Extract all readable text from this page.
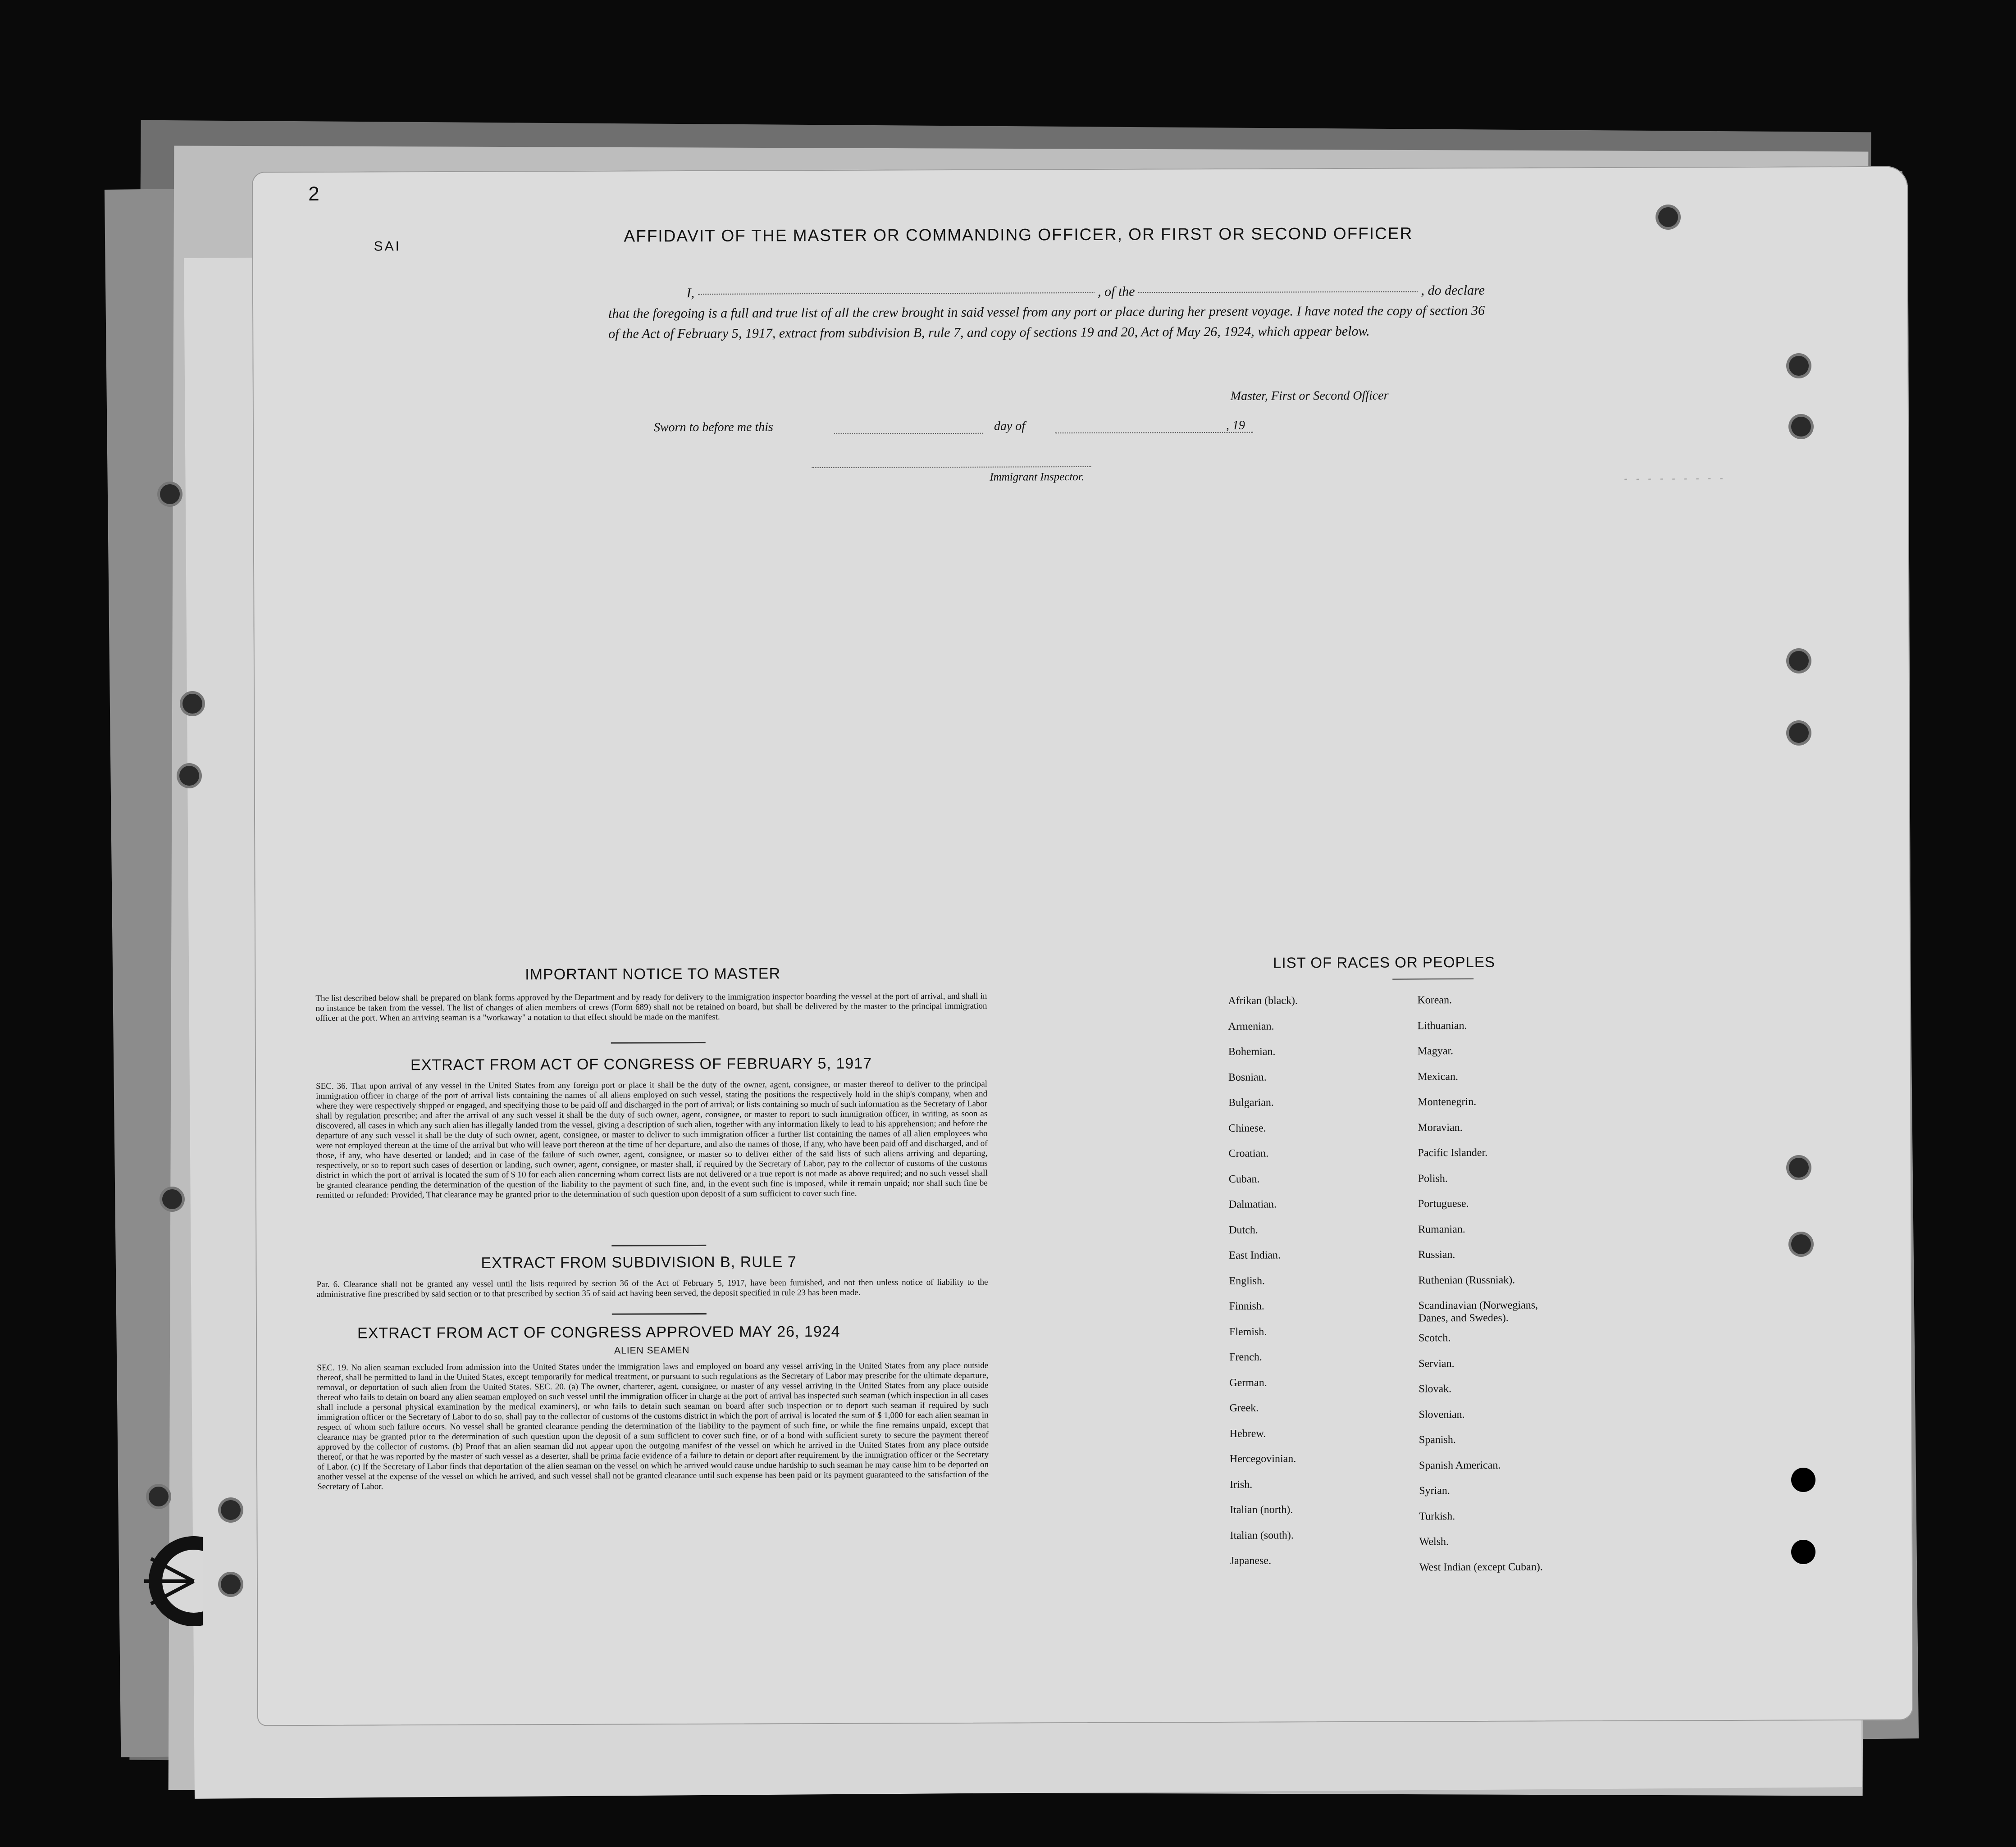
- - - - - - - - -
2
SAI
AFFIDAVIT OF THE MASTER OR COMMANDING OFFICER, OR FIRST OR SECOND OFFICER
I,	, of the	, do declare
that the foregoing is a full and true list of all the crew brought in said vessel from any port or place during her present voyage. I have noted the copy of section 36 of the Act of February 5, 1917, extract from subdivision B, rule 7, and copy of sections 19 and 20, Act of May 26, 1924, which appear below.
Master, First or Second Officer
Sworn to before me this	day of	, 19
Immigrant Inspector.
IMPORTANT NOTICE TO MASTER
The list described below shall be prepared on blank forms approved by the Department and by ready for delivery to the immigration inspector boarding the vessel at the port of arrival, and shall in no instance be taken from the vessel. The list of changes of alien members of crews (Form 689) shall not be retained on board, but shall be delivered by the master to the principal immigration officer at the port. When an arriving seaman is a "workaway" a notation to that effect should be made on the manifest.
EXTRACT FROM ACT OF CONGRESS OF FEBRUARY 5, 1917
SEC. 36. That upon arrival of any vessel in the United States from any foreign port or place it shall be the duty of the owner, agent, consignee, or master thereof to deliver to the principal immigration officer in charge of the port of arrival lists containing the names of all aliens employed on such vessel, stating the positions the respectively hold in the ship's company, when and where they were respectively shipped or engaged, and specifying those to be paid off and discharged in the port of arrival; or lists containing so much of such information as the Secretary of Labor shall by regulation prescribe; and after the arrival of any such vessel it shall be the duty of such owner, agent, consignee, or master to report to such immigration officer, in writing, as soon as discovered, all cases in which any such alien has illegally landed from the vessel, giving a description of such alien, together with any information likely to lead to his apprehension; and before the departure of any such vessel it shall be the duty of such owner, agent, consignee, or master to deliver to such immigration officer a further list containing the names of all alien employees who were not employed thereon at the time of the arrival but who will leave port thereon at the time of her departure, and also the names of those, if any, who have been paid off and discharged, and of those, if any, who have deserted or landed; and in case of the failure of such owner, agent, consignee, or master so to deliver either of the said lists of such aliens arriving and departing, respectively, or so to report such cases of desertion or landing, such owner, agent, consignee, or master shall, if required by the Secretary of Labor, pay to the collector of customs of the customs district in which the port of arrival is located the sum of $ 10 for each alien concerning whom correct lists are not delivered or a true report is not made as above required; and no such vessel shall be granted clearance pending the determination of the question of the liability to the payment of such fine, and, in the event such fine is imposed, while it remain unpaid; nor shall such fine be remitted or refunded: Provided, That clearance may be granted prior to the determination of such question upon deposit of a sum sufficient to cover such fine.
EXTRACT FROM SUBDIVISION B, RULE 7
Par. 6. Clearance shall not be granted any vessel until the lists required by section 36 of the Act of February 5, 1917, have been furnished, and not then unless notice of liability to the administrative fine prescribed by said section or to that prescribed by section 35 of said act having been served, the deposit specified in rule 23 has been made.
EXTRACT FROM ACT OF CONGRESS APPROVED MAY 26, 1924
ALIEN SEAMEN
SEC. 19. No alien seaman excluded from admission into the United States under the immigration laws and employed on board any vessel arriving in the United States from any place outside thereof, shall be permitted to land in the United States, except temporarily for medical treatment, or pursuant to such regulations as the Secretary of Labor may prescribe for the ultimate departure, removal, or deportation of such alien from the United States. SEC. 20. (a) The owner, charterer, agent, consignee, or master of any vessel arriving in the United States from any place outside thereof who fails to detain on board any alien seaman employed on such vessel until the immigration officer in charge at the port of arrival has inspected such seaman (which inspection in all cases shall include a personal physical examination by the medical examiners), or who fails to detain such seaman on board after such inspection or to deport such seaman if required by such immigration officer or the Secretary of Labor to do so, shall pay to the collector of customs of the customs district in which the port of arrival is located the sum of $ 1,000 for each alien seaman in respect of whom such failure occurs. No vessel shall be granted clearance pending the determination of the liability to the payment of such fine, or while the fine remains unpaid, except that clearance may be granted prior to the determination of such question upon the deposit of a sum sufficient to cover such fine, or of a bond with sufficient surety to secure the payment thereof approved by the collector of customs. (b) Proof that an alien seaman did not appear upon the outgoing manifest of the vessel on which he arrived in the United States from any place outside thereof, or that he was reported by the master of such vessel as a deserter, shall be prima facie evidence of a failure to detain or deport after requirement by the immigration officer or the Secretary of Labor. (c) If the Secretary of Labor finds that deportation of the alien seaman on the vessel on which he arrived would cause undue hardship to such seaman he may cause him to be deported on another vessel at the expense of the vessel on which he arrived, and such vessel shall not be granted clearance until such expense has been paid or its payment guaranteed to the satisfaction of the Secretary of Labor.
LIST OF RACES OR PEOPLES
Afrikan (black).
Armenian.
Bohemian.
Bosnian.
Bulgarian.
Chinese.
Croatian.
Cuban.
Dalmatian.
Dutch.
East Indian.
English.
Finnish.
Flemish.
French.
German.
Greek.
Hebrew.
Hercegovinian.
Irish.
Italian (north).
Italian (south).
Japanese.
Korean.
Lithuanian.
Magyar.
Mexican.
Montenegrin.
Moravian.
Pacific Islander.
Polish.
Portuguese.
Rumanian.
Russian.
Ruthenian (Russniak).
Scandinavian (Norwegians,
Danes, and Swedes).
Scotch.
Servian.
Slovak.
Slovenian.
Spanish.
Spanish American.
Syrian.
Turkish.
Welsh.
West Indian (except Cuban).
